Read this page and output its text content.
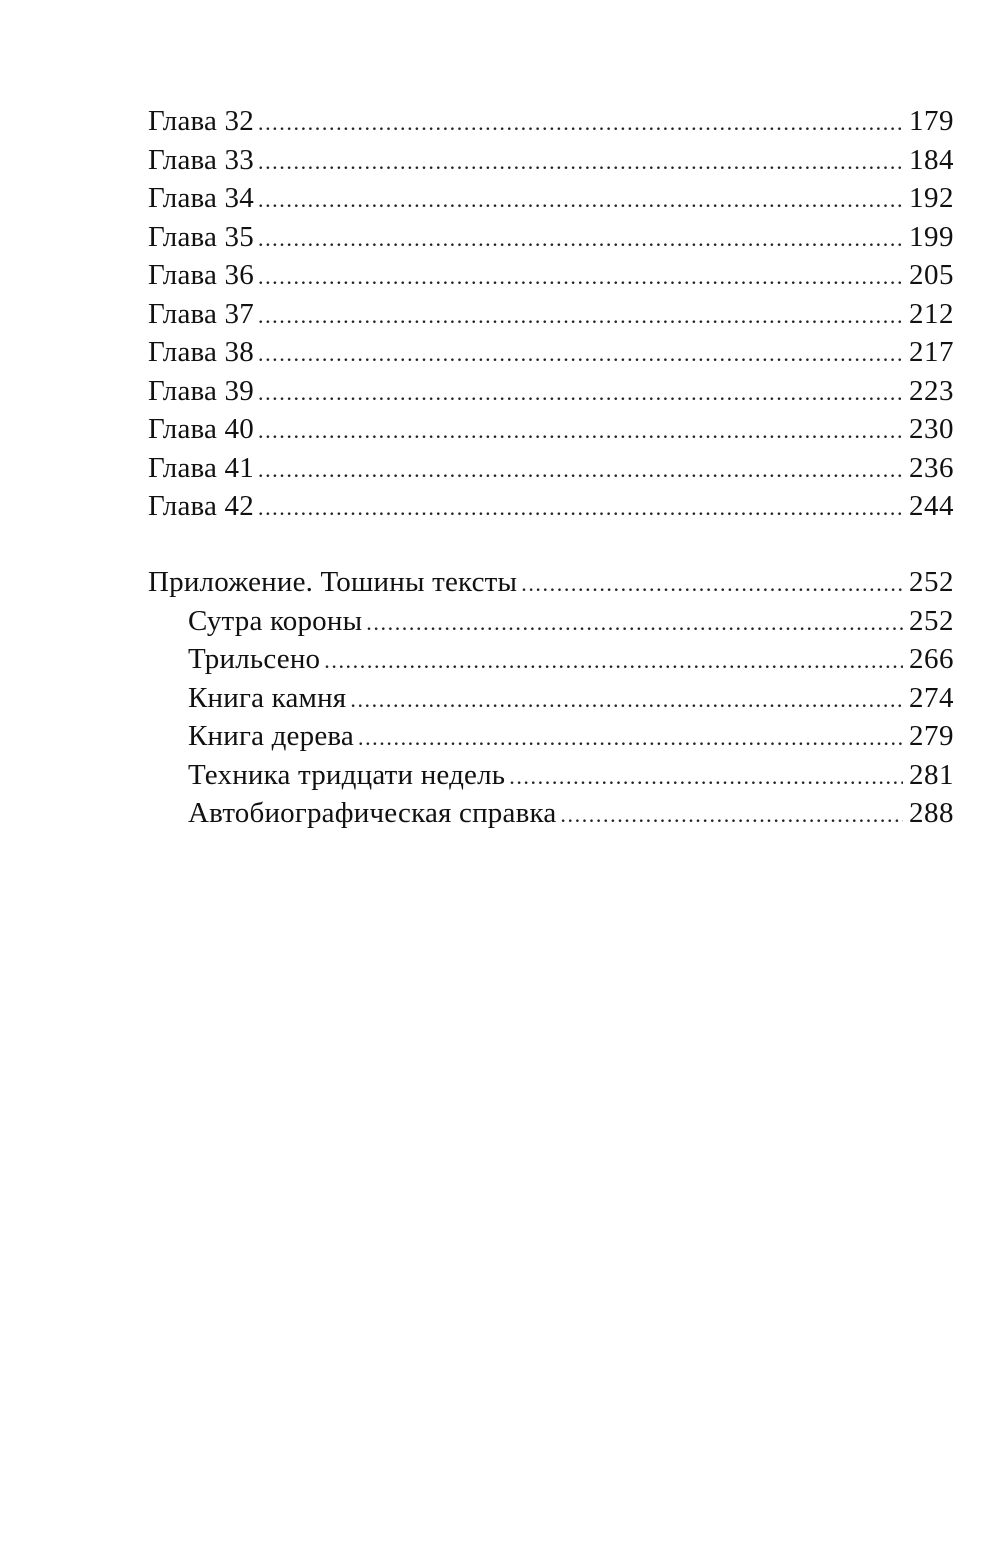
Глава 32 .....	179
Глава 33 .....	184
Глава 34 .....	192
Глава 35 .....	199
Глава 36 .....	205
Глава 37 .....	212
Глава 38 .....	217
Глава 39 .....	223
Глава 40 .....	230
Глава 41 .....	236
Глава 42 .....	244
Приложение. Тошины тексты .....	252
Сутра короны .....	252
Трильсено .....	266
Книга камня .....	274
Книга дерева .....	279
Техника тридцати недель .....	281
Автобиографическая справка .....	288
